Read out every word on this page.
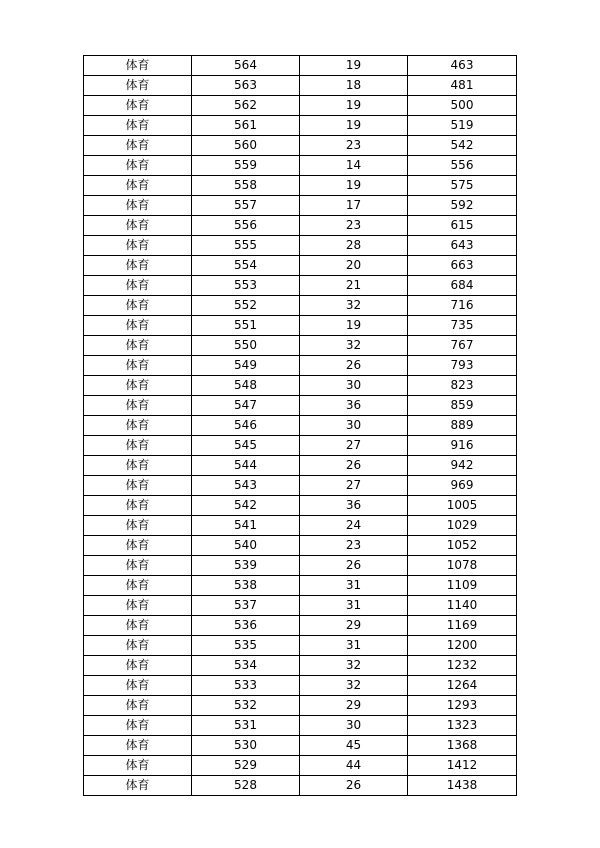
体育	564	19	463
体育	563	18	481
体育	562	19	500
体育	561	19	519
体育	560	23	542
体育	559	14	556
体育	558	19	575
体育	557	17	592
体育	556	23	615
体育	555	28	643
体育	554	20	663
体育	553	21	684
体育	552	32	716
体育	551	19	735
体育	550	32	767
体育	549	26	793
体育	548	30	823
体育	547	36	859
体育	546	30	889
体育	545	27	916
体育	544	26	942
体育	543	27	969
体育	542	36	1005
体育	541	24	1029
体育	540	23	1052
体育	539	26	1078
体育	538	31	1109
体育	537	31	1140
体育	536	29	1169
体育	535	31	1200
体育	534	32	1232
体育	533	32	1264
体育	532	29	1293
体育	531	30	1323
体育	530	45	1368
体育	529	44	1412
体育	528	26	1438
